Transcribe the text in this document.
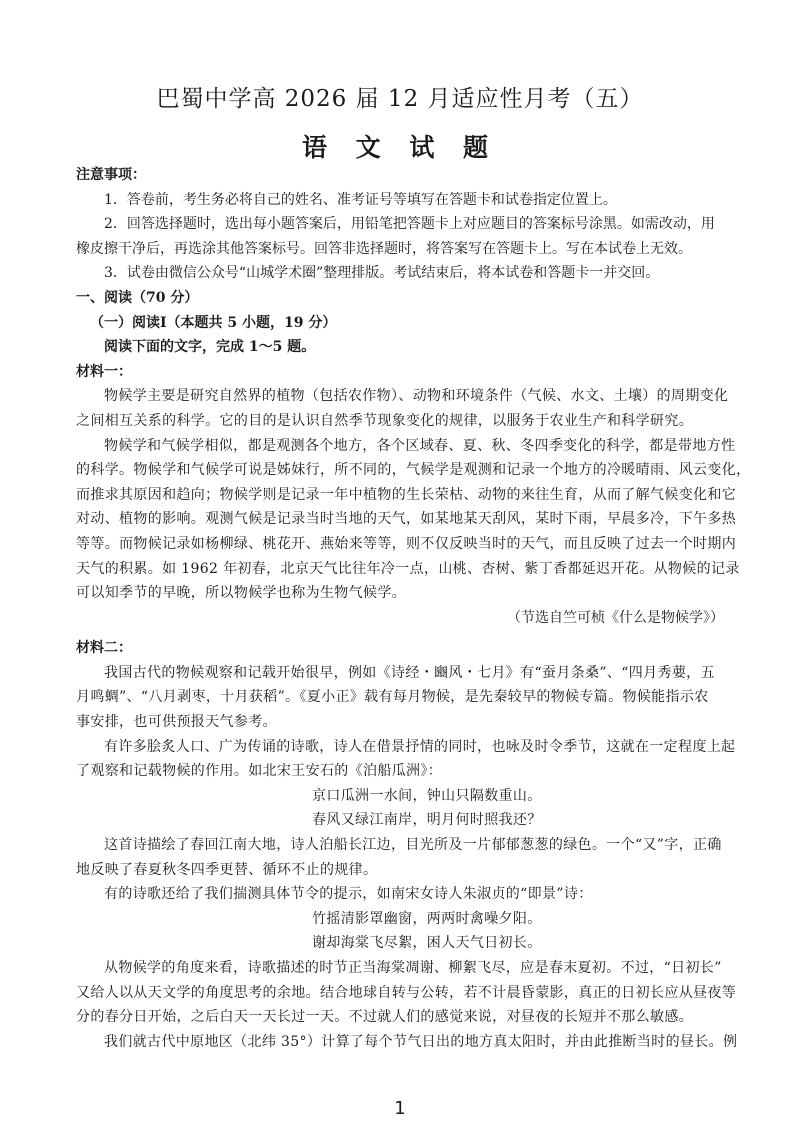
巴蜀中学高 2026 届 12 月适应性月考（五）
语 文 试 题
注意事项：
1．答卷前，考生务必将自己的姓名、准考证号等填写在答题卡和试卷指定位置上。
2．回答选择题时，选出每小题答案后，用铅笔把答题卡上对应题目的答案标号涂黑。如需改动，用
橡皮擦干净后，再选涂其他答案标号。回答非选择题时，将答案写在答题卡上。写在本试卷上无效。
3．试卷由微信公众号“山城学术圈”整理排版。考试结束后，将本试卷和答题卡一并交回。
一、阅读（70 分）
（一）阅读Ⅰ（本题共 5 小题，19 分）
阅读下面的文字，完成 1～5 题。
材料一：
物候学主要是研究自然界的植物（包括农作物）、动物和环境条件（气候、水文、土壤）的周期变化
之间相互关系的科学。它的目的是认识自然季节现象变化的规律，以服务于农业生产和科学研究。
物候学和气候学相似，都是观测各个地方，各个区域春、夏、秋、冬四季变化的科学，都是带地方性
的科学。物候学和气候学可说是姊妹行，所不同的，气候学是观测和记录一个地方的冷暖晴雨、风云变化，
而推求其原因和趋向；物候学则是记录一年中植物的生长荣枯、动物的来往生育，从而了解气候变化和它
对动、植物的影响。观测气候是记录当时当地的天气，如某地某天刮风，某时下雨，早晨多冷，下午多热
等等。而物候记录如杨柳绿、桃花开、燕始来等等，则不仅反映当时的天气，而且反映了过去一个时期内
天气的积累。如 1962 年初春，北京天气比往年冷一点，山桃、杏树、紫丁香都延迟开花。从物候的记录
可以知季节的早晚，所以物候学也称为生物气候学。
（节选自竺可桢《什么是物候学》）
材料二：
我国古代的物候观察和记载开始很早，例如《诗经・豳风・七月》有“蚕月条桑”、“四月秀葽，五
月鸣蜩”、“八月剥枣，十月获稻”。《夏小正》载有每月物候，是先秦较早的物候专篇。物候能指示农
事安排，也可供预报天气参考。
有许多脍炙人口、广为传诵的诗歌，诗人在借景抒情的同时，也咏及时令季节，这就在一定程度上起
了观察和记载物候的作用。如北宋王安石的《泊船瓜洲》：
京口瓜洲一水间，钟山只隔数重山。
春风又绿江南岸，明月何时照我还？
这首诗描绘了春回江南大地，诗人泊船长江边，目光所及一片郁郁葱葱的绿色。一个“又”字，正确
地反映了春夏秋冬四季更替、循环不止的规律。
有的诗歌还给了我们揣测具体节令的提示，如南宋女诗人朱淑贞的“即景”诗：
竹摇清影罩幽窗，两两时禽噪夕阳。
谢却海棠飞尽絮，困人天气日初长。
从物候学的角度来看，诗歌描述的时节正当海棠凋谢、柳絮飞尽，应是春末夏初。不过，“日初长”
又给人以从天文学的角度思考的余地。结合地球自转与公转，若不计晨昏蒙影，真正的日初长应从昼夜等
分的春分日开始，之后白天一天长过一天。不过就人们的感觉来说，对昼夜的长短并不那么敏感。
我们就古代中原地区（北纬 35°）计算了每个节气日出的地方真太阳时，并由此推断当时的昼长。例
1
